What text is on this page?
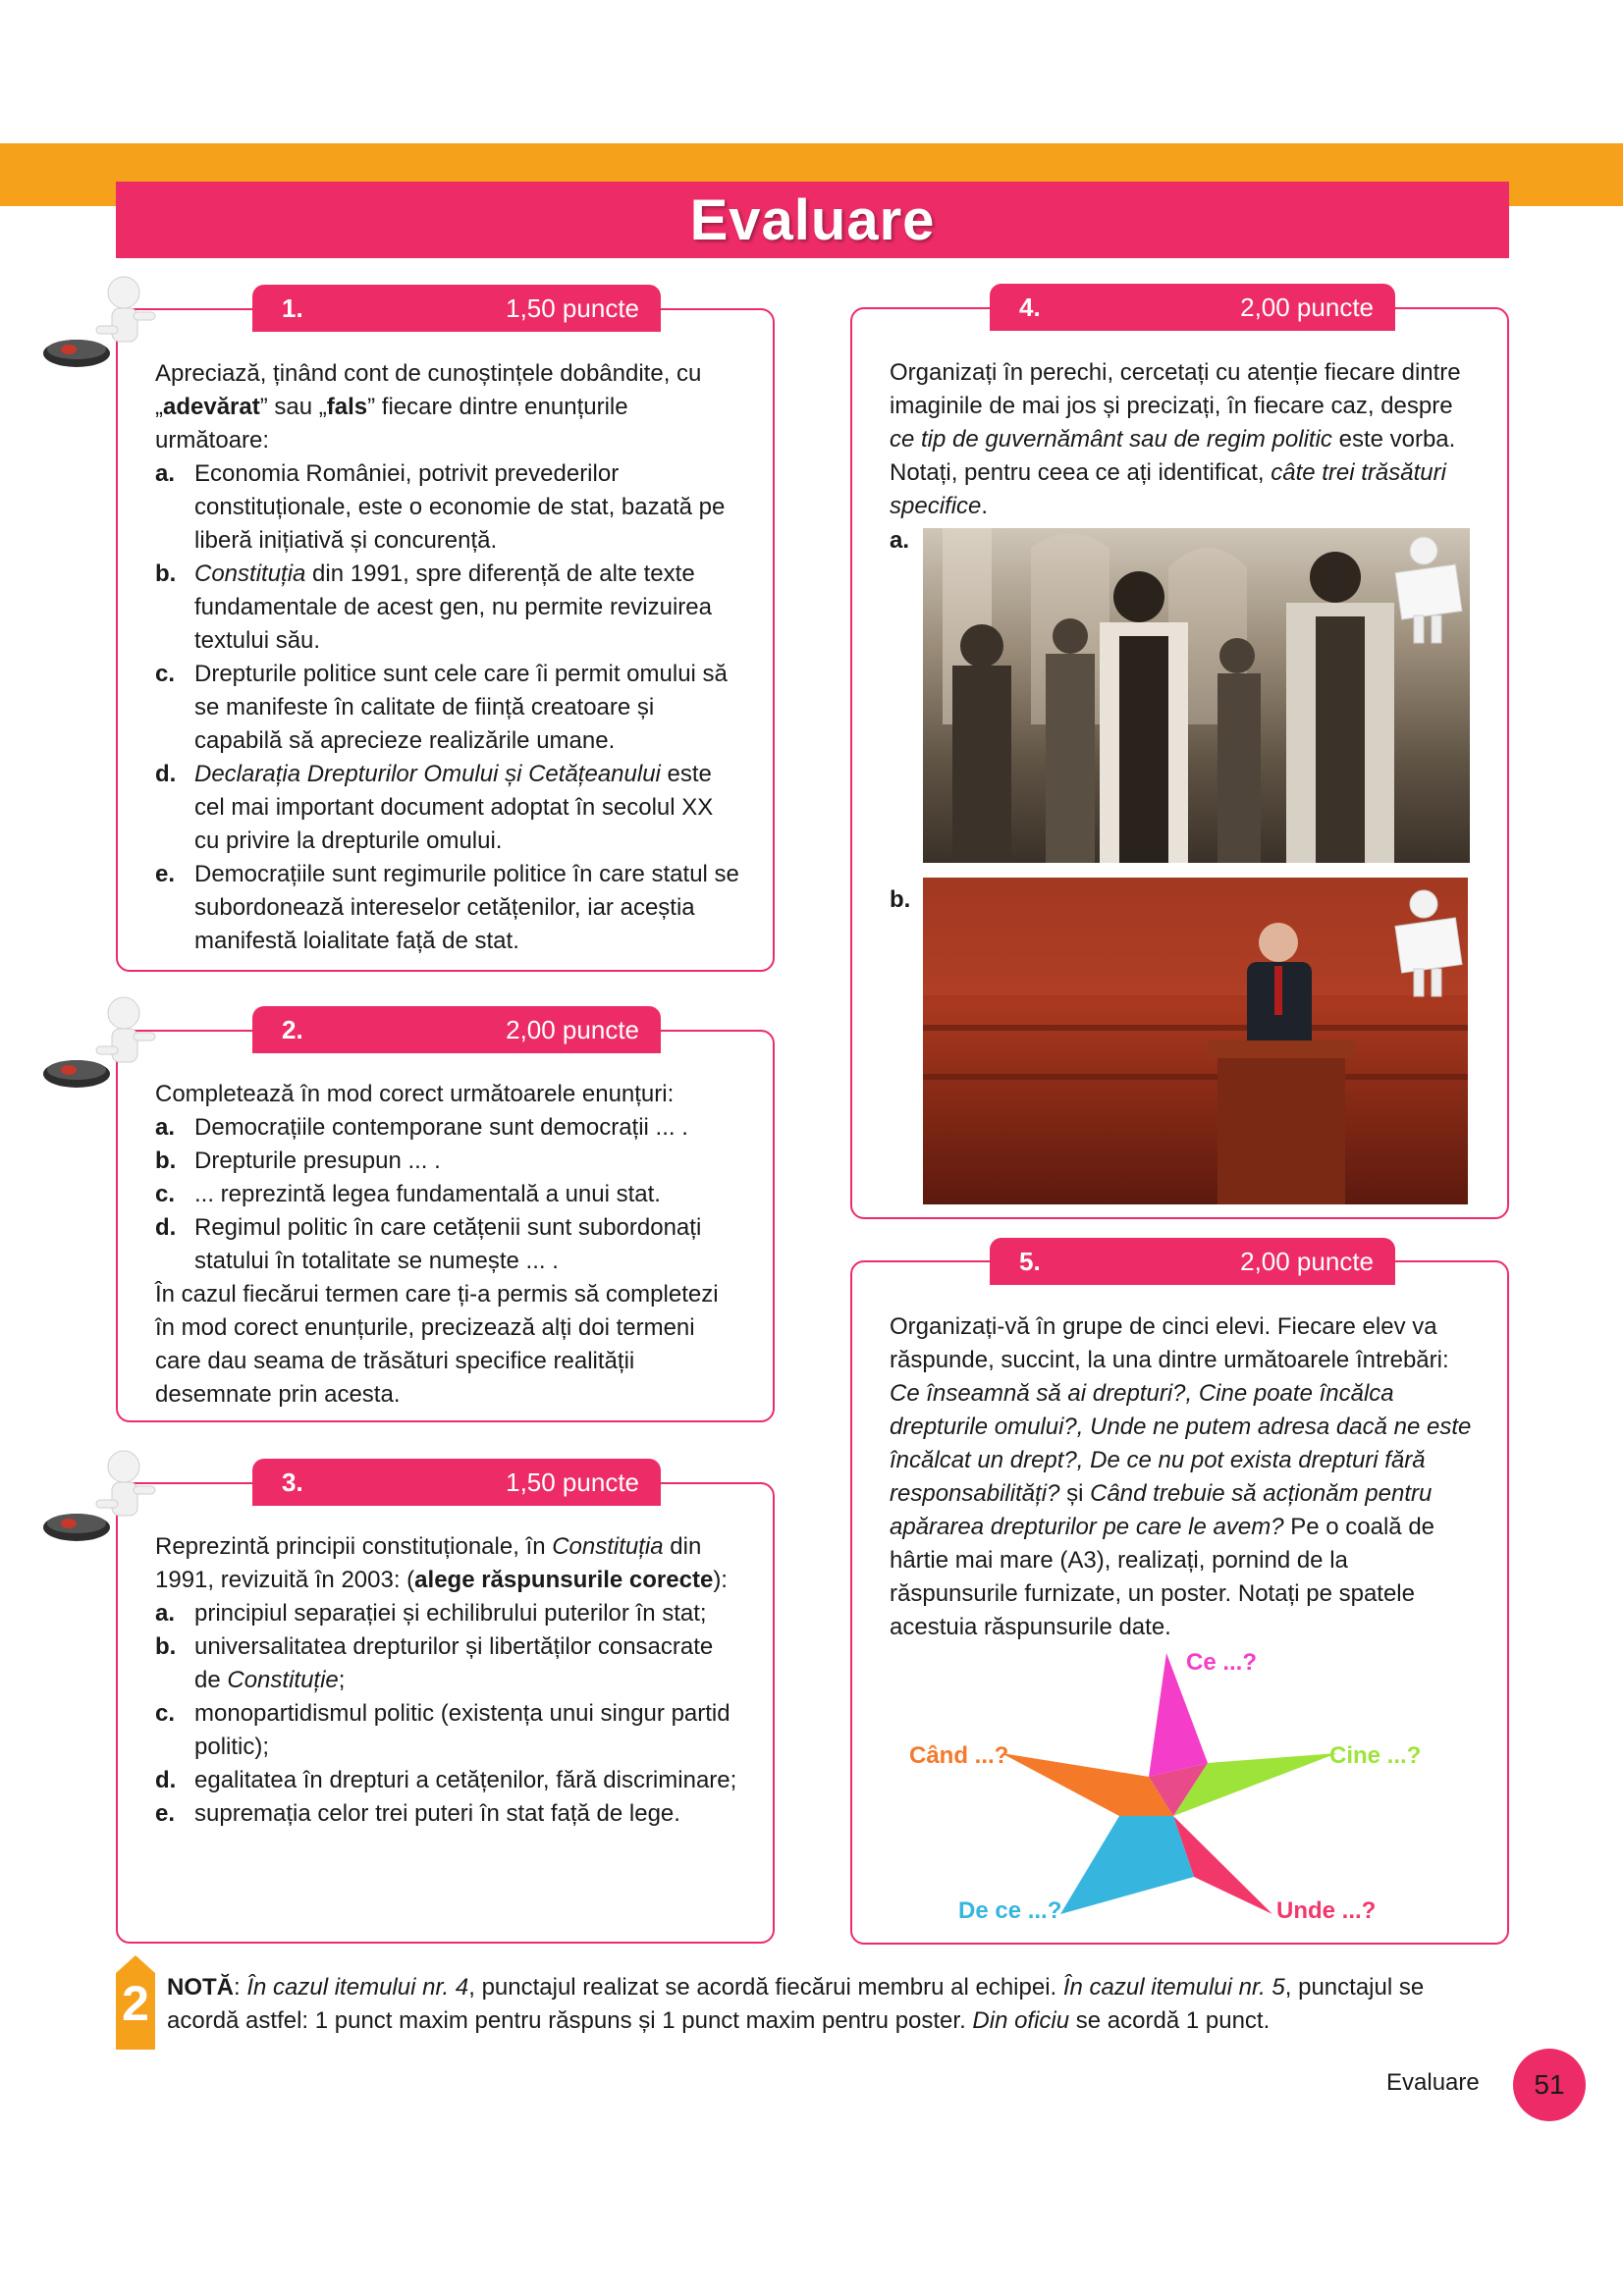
Evaluare
1.	1,50 puncte

Apreciază, ținând cont de cunoștințele dobândite, cu „adevărat” sau „fals” fiecare dintre enunțurile următoare:

a. Economia României, potrivit prevederilor constituționale, este o economie de stat, bazată pe liberă inițiativă și concurență.
b. Constituția din 1991, spre diferență de alte texte fundamentale de acest gen, nu permite revizuirea textului său.
c. Drepturile politice sunt cele care îi permit omului să se manifeste în calitate de ființă creatoare și capabilă să aprecieze realizările umane.
d. Declarația Drepturilor Omului și Cetățeanului este cel mai important document adoptat în secolul XX cu privire la drepturile omului.
e. Democrațiile sunt regimurile politice în care statul se subordonează intereselor cetățenilor, iar aceștia manifestă loialitate față de stat.
2.	2,00 puncte

Completează în mod corect următoarele enunțuri:

a. Democrațiile contemporane sunt democrații ... .
b. Drepturile presupun ... .
c. ... reprezintă legea fundamentală a unui stat.
d. Regimul politic în care cetățenii sunt subordonați statului în totalitate se numește ... .

În cazul fiecărui termen care ți-a permis să completezi în mod corect enunțurile, precizează alți doi termeni care dau seama de trăsături specifice realității desemnate prin acesta.

3.	1,50 puncte

Reprezintă principii constituționale, în Constituția din 1991, revizuită în 2003: (alege răspunsurile corecte):

a. principiul separației și echilibrului puterilor în stat;
b. universalitatea drepturilor și libertăților consacrate de Constituție;
c. monopartidismul politic (existența unui singur partid politic);
d. egalitatea în drepturi a cetățenilor, fără discriminare;
e. supremația celor trei puteri în stat față de lege.
4.	2,00 puncte

Organizați în perechi, cercetați cu atenție fiecare dintre imaginile de mai jos și precizați, în fiecare caz, despre ce tip de guvernământ sau de regim politic este vorba. Notați, pentru ceea ce ați identificat, câte trei trăsături specifice.

a.
b.
5.	2,00 puncte

Organizați-vă în grupe de cinci elevi. Fiecare elev va răspunde, succint, la una dintre următoarele întrebări: Ce înseamnă să ai drepturi?, Cine poate încălca drepturile omului?, Unde ne putem adresa dacă ne este încălcat un drept?, De ce nu pot exista drepturi fără responsabilități? și Când trebuie să acționăm pentru apărarea drepturilor pe care le avem? Pe o coală de hârtie mai mare (A3), realizați, pornind de la răspunsurile furnizate, un poster. Notați pe spatele acestuia răspunsurile date.

Ce ...?
Cine ...?
Unde ...?
De ce ...?
Când ...?
2 NOTĂ: În cazul itemului nr. 4, punctajul realizat se acordă fiecărui membru al echipei. În cazul itemului nr. 5, punctajul se acordă astfel: 1 punct maxim pentru răspuns și 1 punct maxim pentru poster. Din oficiu se acordă 1 punct.
Evaluare	51
